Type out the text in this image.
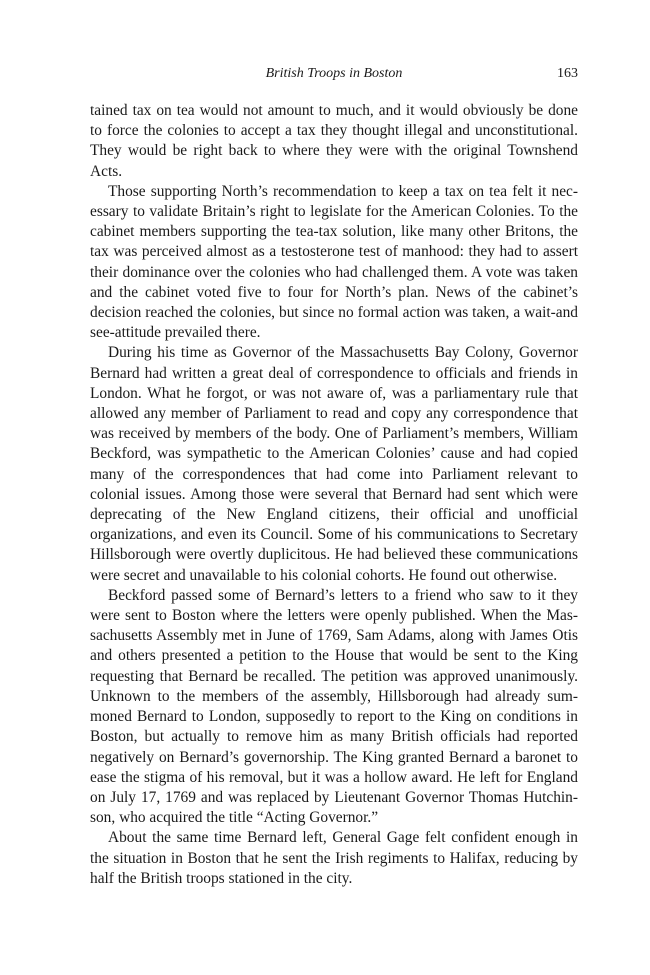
British Troops in Boston	163

tained tax on tea would not amount to much, and it would obviously be done to force the colonies to accept a tax they thought illegal and unconstitutional. They would be right back to where they were with the original Townshend Acts.

Those supporting North’s recommendation to keep a tax on tea felt it necessary to validate Britain’s right to legislate for the American Colonies. To the cabinet members supporting the tea-tax solution, like many other Britons, the tax was perceived almost as a testosterone test of manhood: they had to assert their dominance over the colonies who had challenged them. A vote was taken and the cabinet voted five to four for North’s plan. News of the cabinet’s decision reached the colonies, but since no formal action was taken, a wait-and see-attitude prevailed there.

During his time as Governor of the Massachusetts Bay Colony, Governor Bernard had written a great deal of correspondence to officials and friends in London. What he forgot, or was not aware of, was a parliamentary rule that allowed any member of Parliament to read and copy any correspondence that was received by members of the body. One of Parliament’s members, William Beckford, was sympathetic to the American Colonies’ cause and had copied many of the correspondences that had come into Parliament relevant to colonial issues. Among those were several that Bernard had sent which were deprecating of the New England citizens, their official and unofficial organizations, and even its Council. Some of his communications to Secretary Hillsborough were overtly duplicitous. He had believed these communications were secret and unavailable to his colonial cohorts. He found out otherwise.

Beckford passed some of Bernard’s letters to a friend who saw to it they were sent to Boston where the letters were openly published. When the Massachusetts Assembly met in June of 1769, Sam Adams, along with James Otis and others presented a petition to the House that would be sent to the King requesting that Bernard be recalled. The petition was approved unanimously. Unknown to the members of the assembly, Hillsborough had already summoned Bernard to London, supposedly to report to the King on conditions in Boston, but actually to remove him as many British officials had reported negatively on Bernard’s governorship. The King granted Bernard a baronet to ease the stigma of his removal, but it was a hollow award. He left for England on July 17, 1769 and was replaced by Lieutenant Governor Thomas Hutchinson, who acquired the title “Acting Governor.”

About the same time Bernard left, General Gage felt confident enough in the situation in Boston that he sent the Irish regiments to Halifax, reducing by half the British troops stationed in the city.
